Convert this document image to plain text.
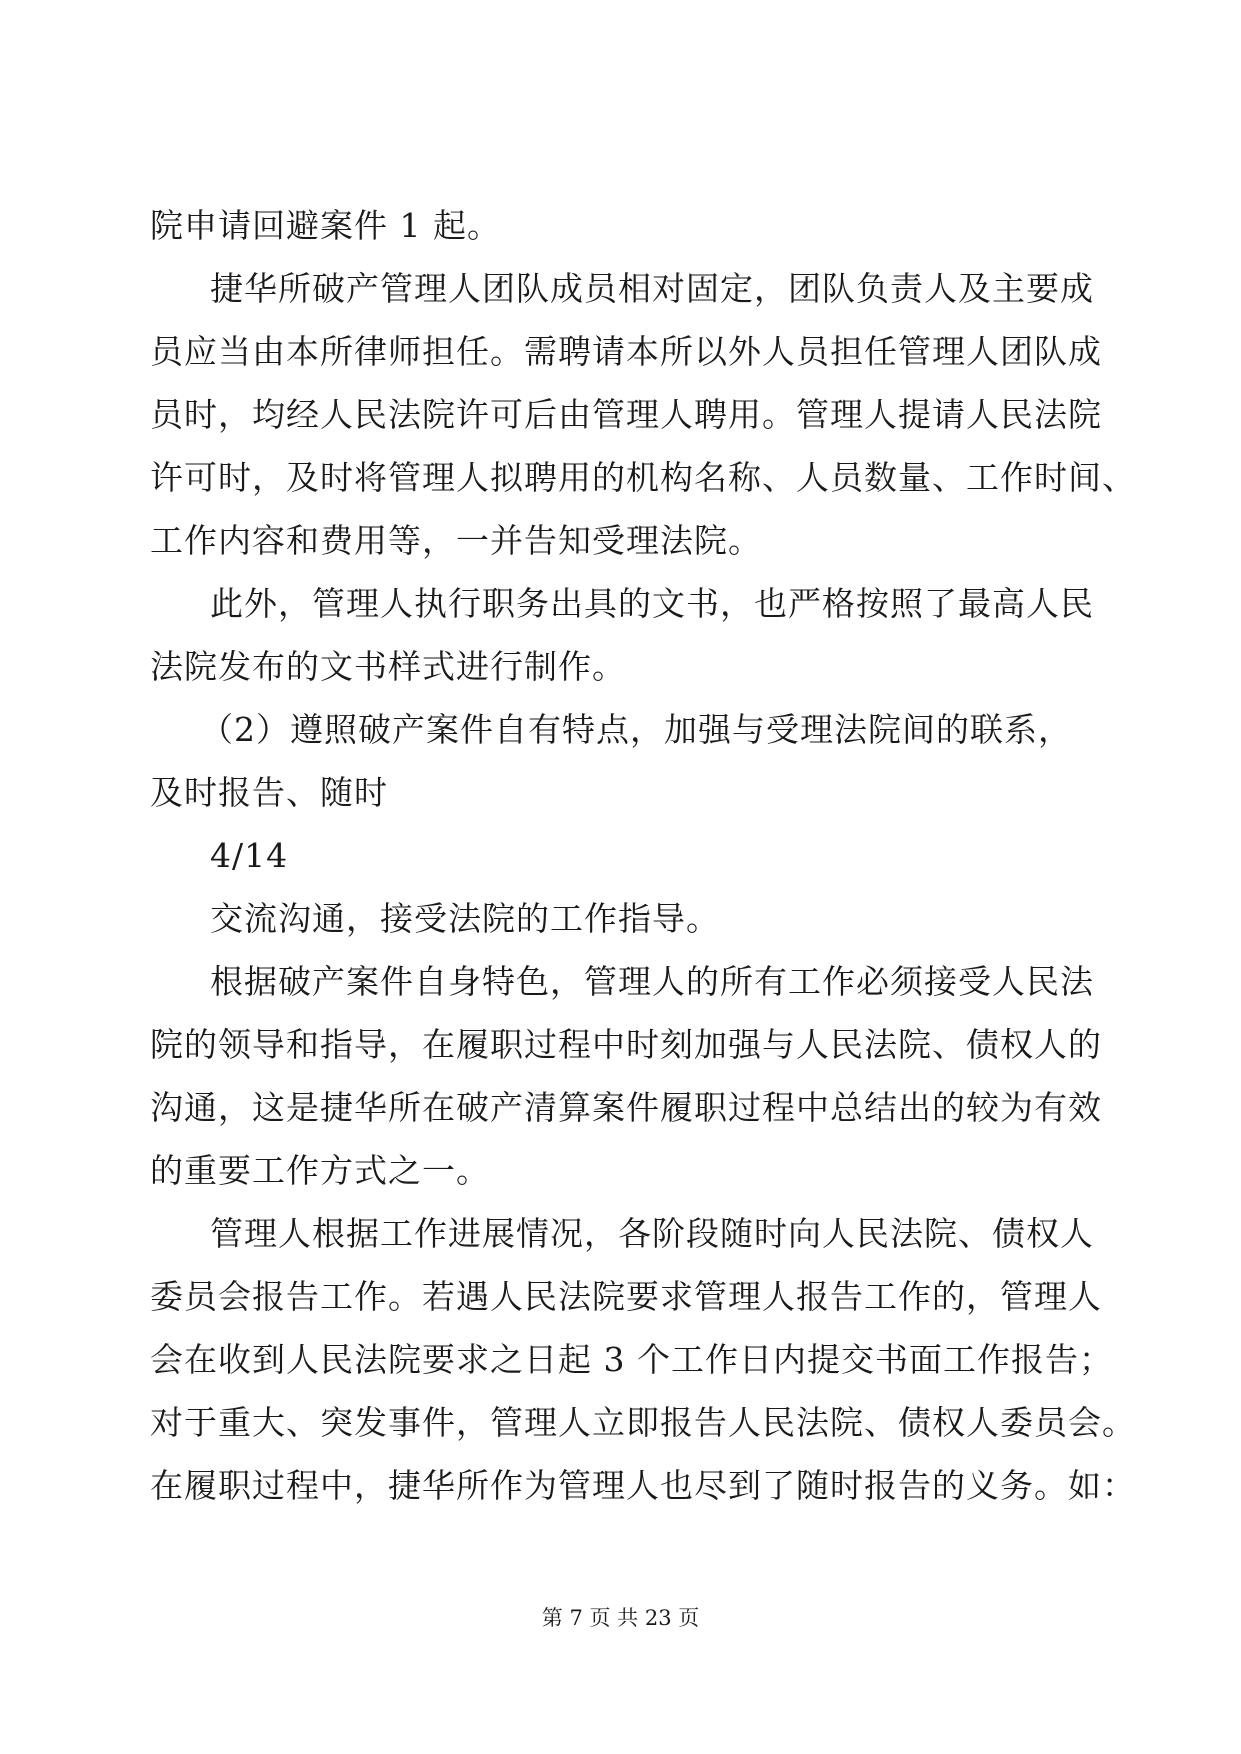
院申请回避案件 1 起。
捷华所破产管理人团队成员相对固定，团队负责人及主要成
员应当由本所律师担任。需聘请本所以外人员担任管理人团队成
员时，均经人民法院许可后由管理人聘用。管理人提请人民法院
许可时，及时将管理人拟聘用的机构名称、人员数量、工作时间、
工作内容和费用等，一并告知受理法院。
此外，管理人执行职务出具的文书，也严格按照了最高人民
法院发布的文书样式进行制作。
（2）遵照破产案件自有特点，加强与受理法院间的联系，
及时报告、随时
4/14
交流沟通，接受法院的工作指导。
根据破产案件自身特色，管理人的所有工作必须接受人民法
院的领导和指导，在履职过程中时刻加强与人民法院、债权人的
沟通，这是捷华所在破产清算案件履职过程中总结出的较为有效
的重要工作方式之一。
管理人根据工作进展情况，各阶段随时向人民法院、债权人
委员会报告工作。若遇人民法院要求管理人报告工作的，管理人
会在收到人民法院要求之日起 3 个工作日内提交书面工作报告；
对于重大、突发事件，管理人立即报告人民法院、债权人委员会。
在履职过程中，捷华所作为管理人也尽到了随时报告的义务。如：
第 7 页 共 23 页
